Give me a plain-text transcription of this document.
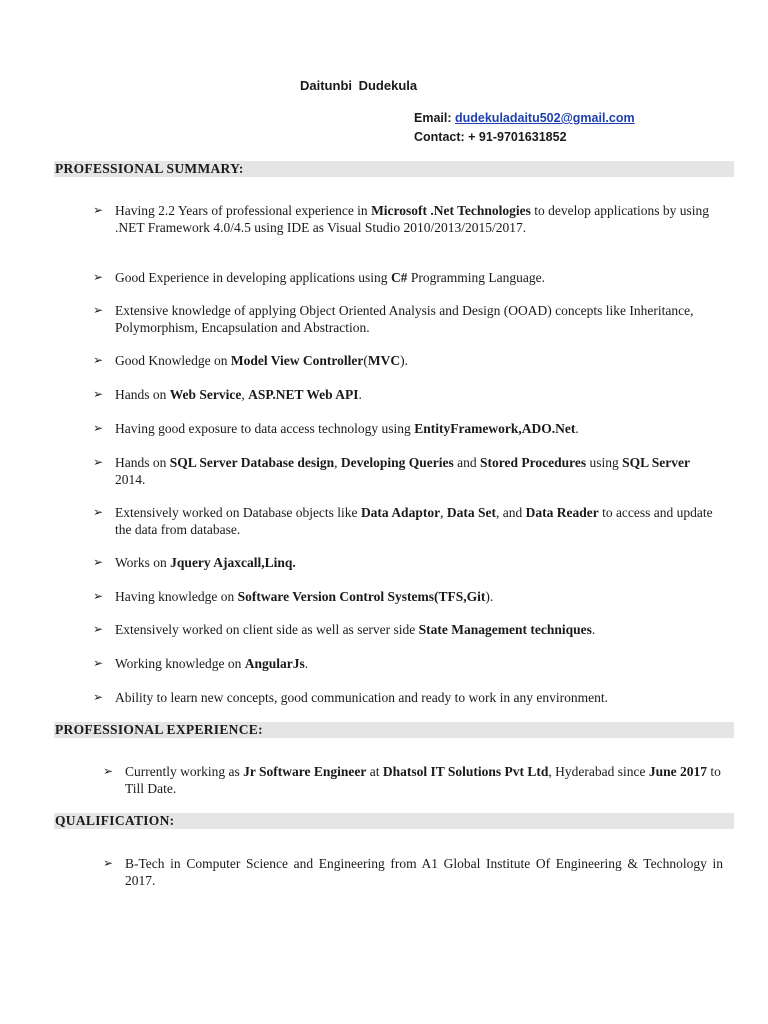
Daitunbi Dudekula
Email: dudekuladaitu502@gmail.com
Contact: + 91-9701631852
PROFESSIONAL SUMMARY:
➢ Having 2.2 Years of professional experience in Microsoft .Net Technologies to develop applications by using .NET Framework 4.0/4.5 using IDE as Visual Studio 2010/2013/2015/2017.
➢ Good Experience in developing applications using C# Programming Language.
➢ Extensive knowledge of applying Object Oriented Analysis and Design (OOAD) concepts like Inheritance, Polymorphism, Encapsulation and Abstraction.
➢ Good Knowledge on Model View Controller(MVC).
➢ Hands on Web Service, ASP.NET Web API.
➢ Having good exposure to data access technology using EntityFramework,ADO.Net.
➢ Hands on SQL Server Database design, Developing Queries and Stored Procedures using SQL Server 2014.
➢ Extensively worked on Database objects like Data Adaptor, Data Set, and Data Reader to access and update the data from database.
➢ Works on Jquery Ajaxcall,Linq.
➢ Having knowledge on Software Version Control Systems(TFS,Git).
➢ Extensively worked on client side as well as server side State Management techniques.
➢ Working knowledge on AngularJs.
➢ Ability to learn new concepts, good communication and ready to work in any environment.
PROFESSIONAL EXPERIENCE:
➢ Currently working as Jr Software Engineer at Dhatsol IT Solutions Pvt Ltd, Hyderabad since June 2017 to Till Date.
QUALIFICATION:
➢ B-Tech in Computer Science and Engineering from A1 Global Institute Of Engineering & Technology in 2017.
